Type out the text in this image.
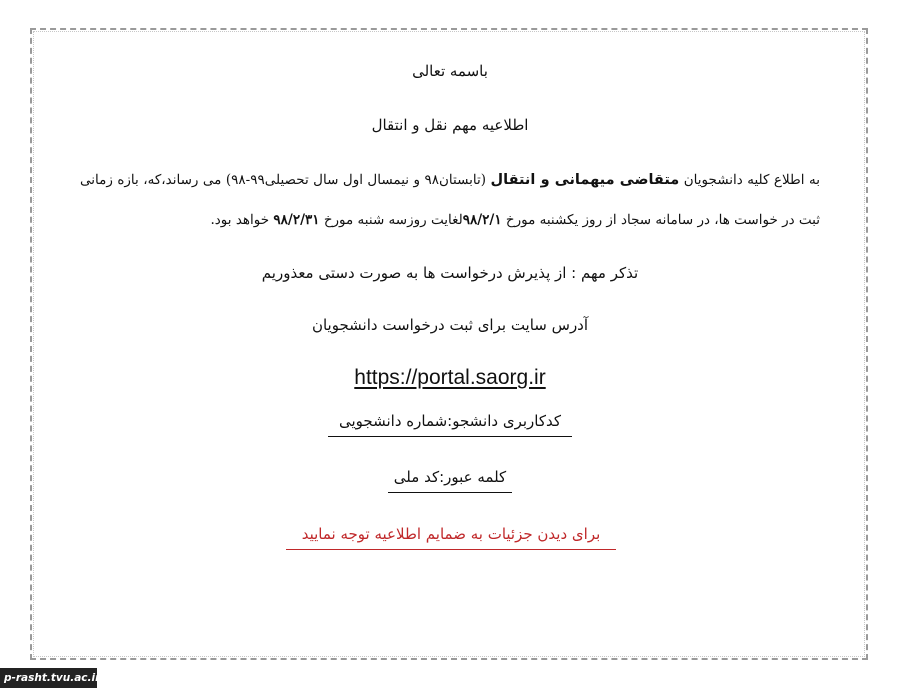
باسمه تعالی
اطلاعیه مهم نقل و انتقال
به اطلاع کلیه دانشجویان متقاضی میهمانی و انتقال (تابستان۹۸ و نیمسال اول سال تحصیلی۹۹-۹۸) می رساند،که، بازه زمانی ثبت در خواست ها، در سامانه سجاد از روز یکشنبه مورخ ۹۸/۲/۱لغایت روزسه شنبه مورخ ۹۸/۲/۳۱ خواهد بود.
تذکر مهم : از پذیرش درخواست ها به صورت دستی معذوریم
آدرس سایت برای ثبت درخواست دانشجویان
https://portal.saorg.ir
کدکاربری دانشجو:شماره دانشجویی
کلمه عبور:کد ملی
برای دیدن جزئیات به ضمایم اطلاعیه توجه نمایید
p-rasht.tvu.ac.ir
